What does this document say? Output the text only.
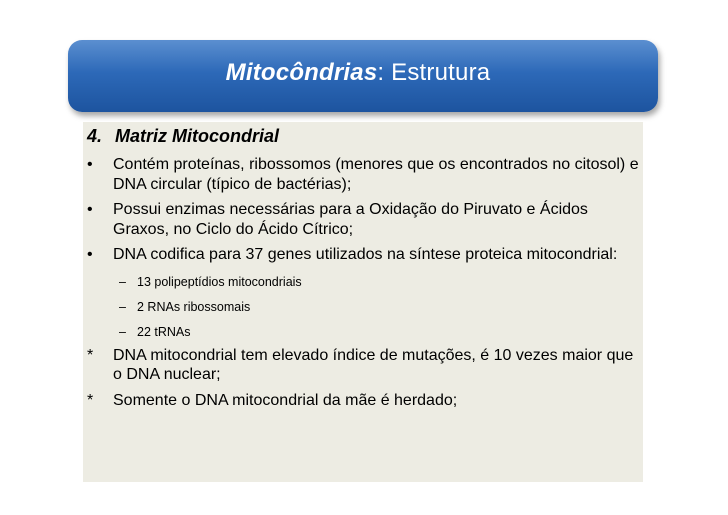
Mitocôndrias: Estrutura
4. Matriz Mitocondrial
•	Contém proteínas, ribossomos (menores que os encontrados no citosol) e DNA circular (típico de bactérias);
•	Possui enzimas necessárias para a Oxidação do Piruvato e Ácidos Graxos, no Ciclo do Ácido Cítrico;
•	DNA codifica para 37 genes utilizados na síntese proteica mitocondrial:
– 13 polipeptídios mitocondriais
– 2 RNAs ribossomais
– 22 tRNAs
*	DNA mitocondrial tem elevado índice de mutações, é 10 vezes maior que o DNA nuclear;
*	Somente o DNA mitocondrial da mãe é herdado;
